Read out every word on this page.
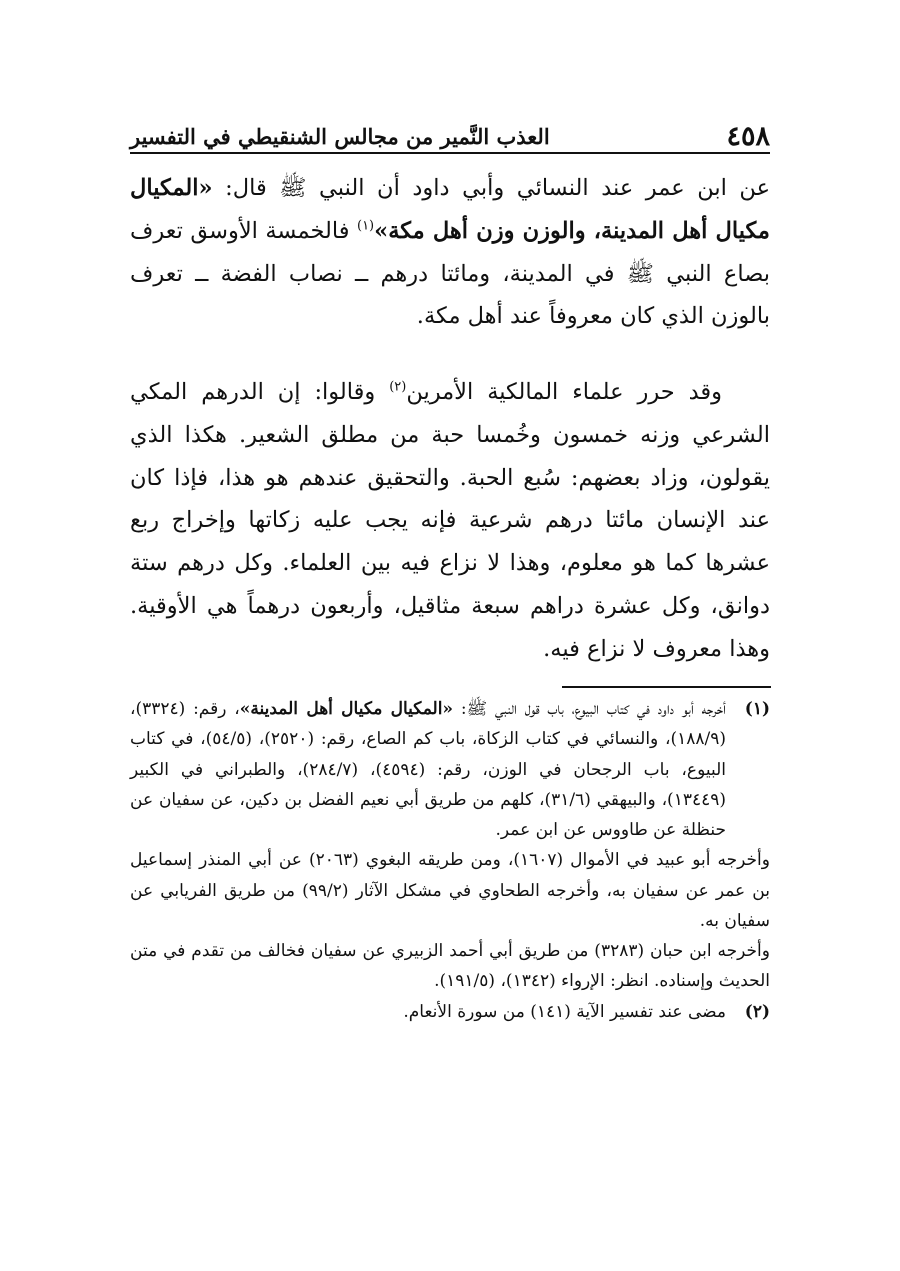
٤٥٨
العذب النَّمير من مجالس الشنقيطي في التفسير
عن ابن عمر عند النسائي وأبي داود أن النبي ﷺ قال: «المكيال مكيال أهل المدينة، والوزن وزن أهل مكة»$^{(١)}$ فالخمسة الأوسق تعرف بصاع النبي ﷺ في المدينة، ومائتا درهم ــ نصاب الفضة ــ تعرف بالوزن الذي كان معروفاً عند أهل مكة.
وقد حرر علماء المالكية الأمرين$^{(٢)}$ وقالوا: إن الدرهم المكي الشرعي وزنه خمسون وخُمسا حبة من مطلق الشعير. هكذا الذي يقولون، وزاد بعضهم: سُبع الحبة. والتحقيق عندهم هو هذا، فإذا كان عند الإنسان مائتا درهم شرعية فإنه يجب عليه زكاتها وإخراج ربع عشرها كما هو معلوم، وهذا لا نزاع فيه بين العلماء. وكل درهم ستة دوانق، وكل عشرة دراهم سبعة مثاقيل، وأربعون درهماً هي الأوقية. وهذا معروف لا نزاع فيه.
(١)
أخرجه أبو داود في كتاب البيوع، باب قول النبي ﷺ: «المكيال مكيال أهل المدينة»، رقم: (٣٣٢٤)، (١٨٨/٩)، والنسائي في كتاب الزكاة، باب كم الصاع، رقم: (٢٥٢٠)، (٥٤/٥)، في كتاب البيوع، باب الرجحان في الوزن، رقم: (٤٥٩٤)، (٢٨٤/٧)، والطبراني في الكبير (١٣٤٤٩)، والبيهقي (٣١/٦)، كلهم من طريق أبي نعيم الفضل بن دكين، عن سفيان عن حنظلة عن طاووس عن ابن عمر.
وأخرجه أبو عبيد في الأموال (١٦٠٧)، ومن طريقه البغوي (٢٠٦٣) عن أبي المنذر إسماعيل بن عمر عن سفيان به، وأخرجه الطحاوي في مشكل الآثار (٩٩/٢) من طريق الفريابي عن سفيان به.
وأخرجه ابن حبان (٣٢٨٣) من طريق أبي أحمد الزبيري عن سفيان فخالف من تقدم في متن الحديث وإسناده. انظر: الإرواء (١٣٤٢)، (١٩١/٥).
(٢)
مضى عند تفسير الآية (١٤١) من سورة الأنعام.
